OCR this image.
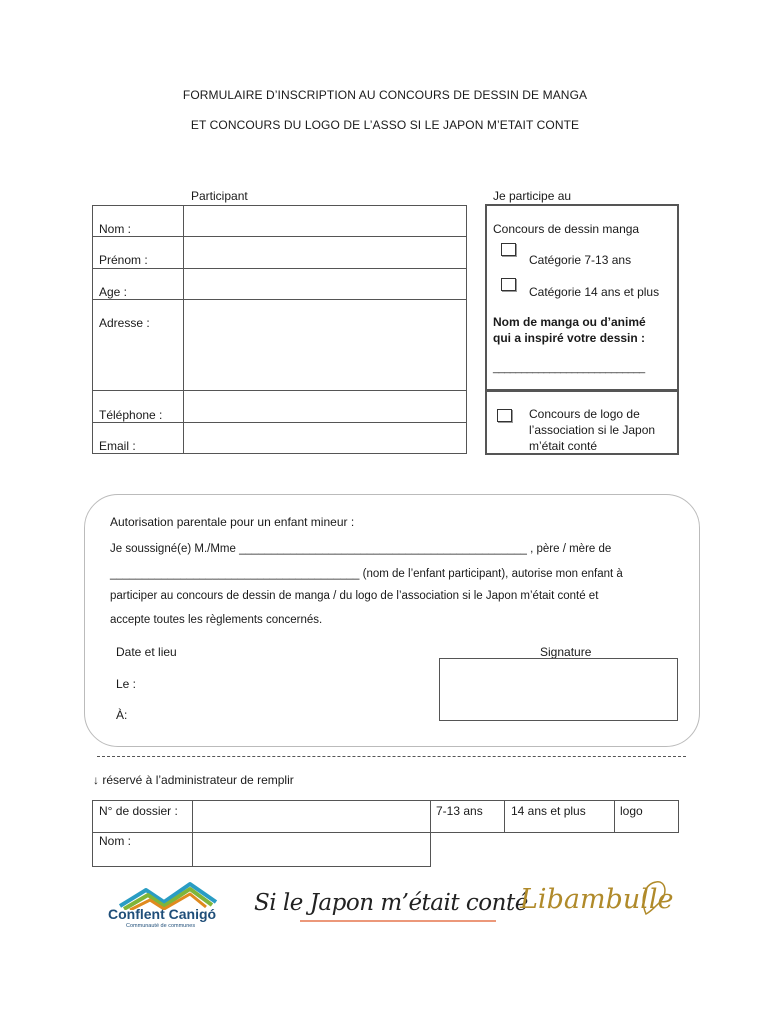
FORMULAIRE D’INSCRIPTION AU CONCOURS DE DESSIN DE MANGA
ET CONCOURS DU LOGO DE L’ASSO SI LE JAPON M’ETAIT CONTE
Participant
Nom :
Prénom :
Age :
Adresse :
Téléphone :
Email :
Je participe au
Concours de dessin manga
Catégorie 7-13 ans
Catégorie 14 ans et plus
Nom de manga ou d’animé
qui a inspiré votre dessin :
___________________________
Concours de logo de
l’association si le Japon
m’était conté
Autorisation parentale pour un enfant mineur :
Je soussigné(e) M./Mme _____________________________________________ , père / mère de
_______________________________________ (nom de l’enfant participant), autorise mon enfant à
participer au concours de dessin de manga / du logo de l’association si le Japon m’était conté et
accepte toutes les règlements concernés.
Date et lieu
Le :
À:
Signature
↓ réservé à l’administrateur de remplir
N° de dossier :
Nom :
7-13 ans 14 ans et plus	logo
Conflent Canigó
Communauté de communes
Si le Japon m’était conté
Libambulle
